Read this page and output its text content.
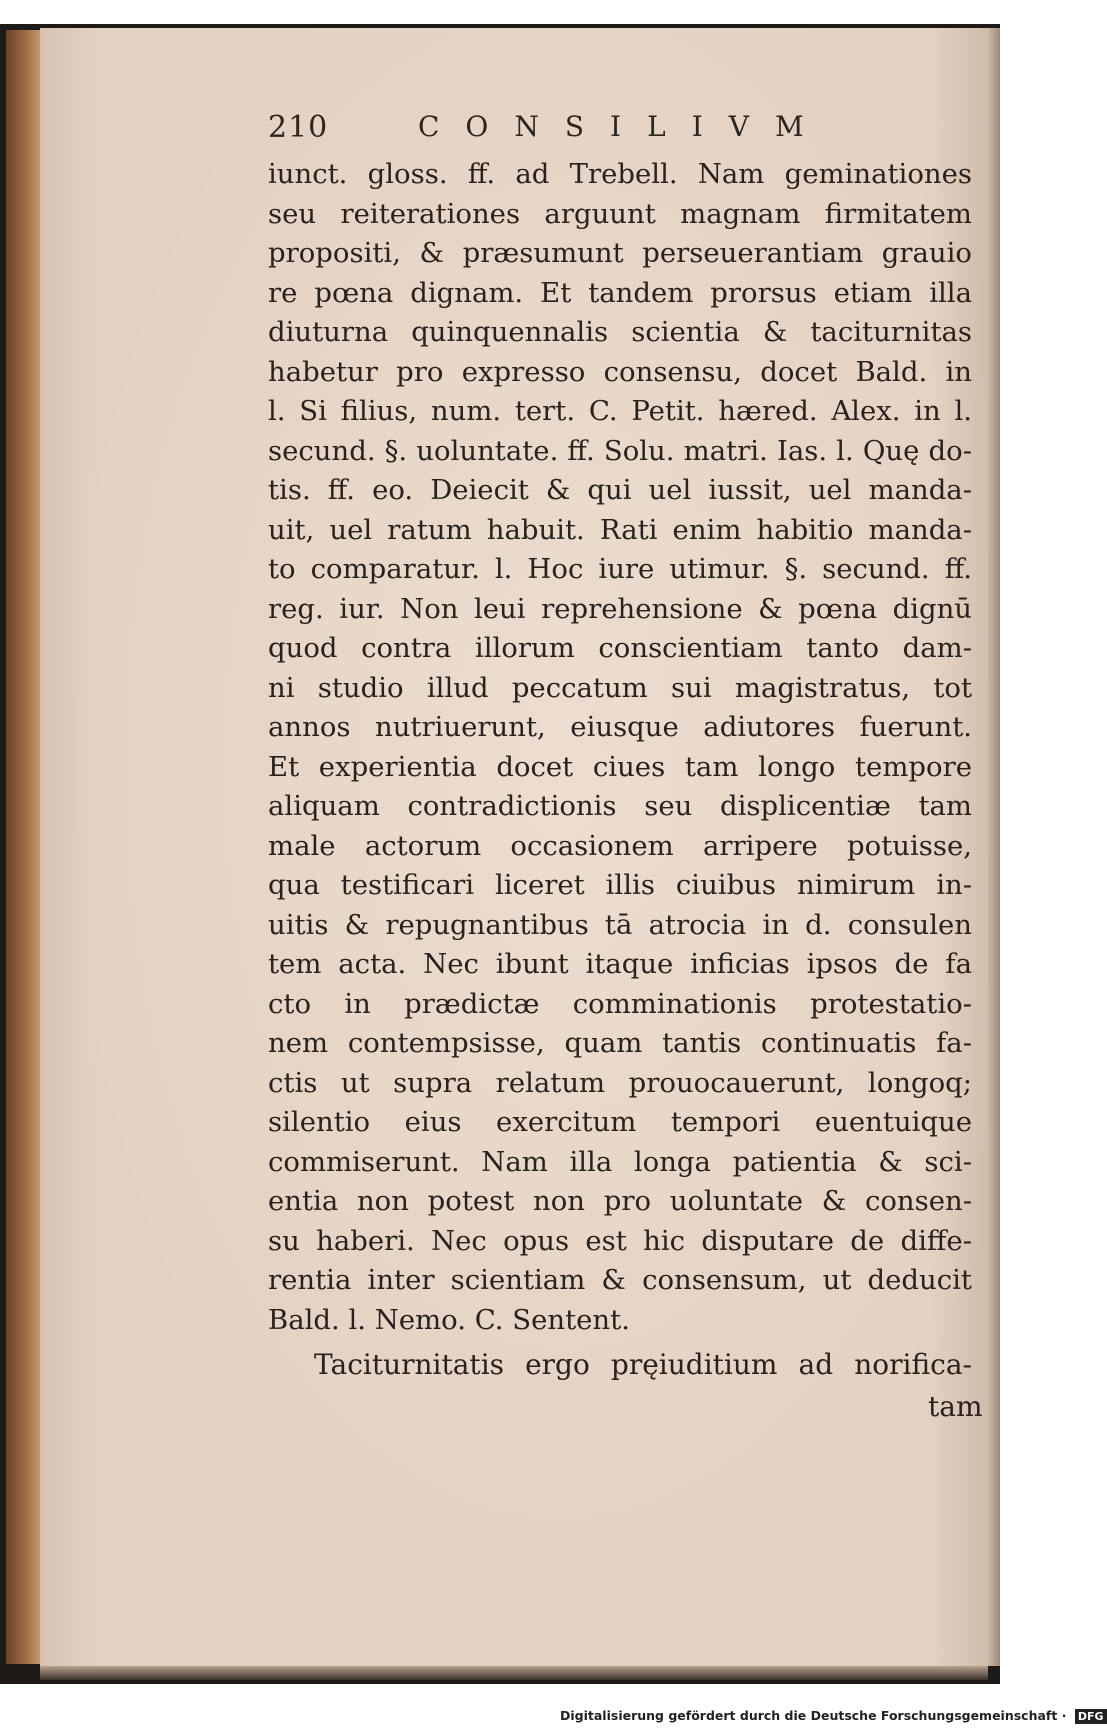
210	CONSILIVM
iunct. gloss. ff. ad Trebell. Nam geminationes
seu reiterationes arguunt magnam firmitatem
propositi, & præsumunt perseuerantiam grauio
re pœna dignam. Et tandem prorsus etiam illa
diuturna quinquennalis scientia & taciturnitas
habetur pro expresso consensu, docet Bald. in
l. Si filius, num. tert. C. Petit. hæred. Alex. in l.
secund. §. uoluntate. ff. Solu. matri. Ias. l. Quę do-
tis. ff. eo. Deiecit & qui uel iussit, uel manda-
uit, uel ratum habuit. Rati enim habitio manda-
to comparatur. l. Hoc iure utimur. §. secund. ff.
reg. iur. Non leui reprehensione & pœna dignū
quod contra illorum conscientiam tanto dam-
ni studio illud peccatum sui magistratus, tot
annos nutriuerunt, eiusque adiutores fuerunt.
Et experientia docet ciues tam longo tempore
aliquam contradictionis seu displicentiæ tam
male actorum occasionem arripere potuisse,
qua testificari liceret illis ciuibus nimirum in-
uitis & repugnantibus tā atrocia in d. consulen
tem acta. Nec ibunt itaque inficias ipsos de fa
cto in prædictæ comminationis protestatio-
nem contempsisse, quam tantis continuatis fa-
ctis ut supra relatum prouocauerunt, longoq;
silentio eius exercitum tempori euentuique
commiserunt. Nam illa longa patientia & sci-
entia non potest non pro uoluntate & consen-
su haberi. Nec opus est hic disputare de diffe-
rentia inter scientiam & consensum, ut deducit
Bald. l. Nemo. C. Sentent.
Taciturnitatis ergo pręiuditium ad norifica-
tam
Digitalisierung gefördert durch die Deutsche Forschungsgemeinschaft · DFG
